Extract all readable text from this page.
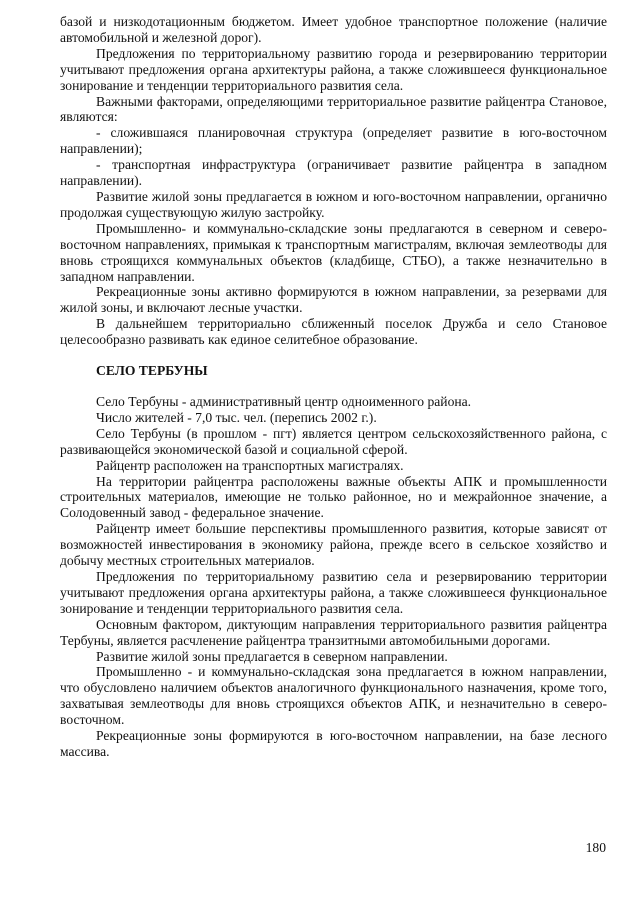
базой и низкодотационным бюджетом. Имеет удобное транспортное положение (наличие автомобильной и железной дорог).

Предложения по территориальному развитию города и резервированию территории учитывают предложения органа архитектуры района, а также сложившееся функциональное зонирование и тенденции территориального развития села.

Важными факторами, определяющими территориальное развитие райцентра Становое, являются:

- сложившаяся планировочная структура (определяет развитие в юго-восточном направлении);

- транспортная инфраструктура (ограничивает развитие райцентра в западном направлении).

Развитие жилой зоны предлагается в южном и юго-восточном направлении, органично продолжая существующую жилую застройку.

Промышленно- и коммунально-складские зоны предлагаются в северном и северо-восточном направлениях, примыкая к транспортным магистралям, включая землеотводы для вновь строящихся коммунальных объектов (кладбище, СТБО), а также незначительно в западном направлении.

Рекреационные зоны активно формируются в южном направлении, за резервами для жилой зоны, и включают лесные участки.

В дальнейшем территориально сближенный поселок Дружба и село Становое целесообразно развивать как единое селитебное образование.

СЕЛО ТЕРБУНЫ

Село Тербуны - административный центр одноименного района.

Число жителей - 7,0 тыс. чел. (перепись 2002 г.).

Село Тербуны (в прошлом - пгт) является центром сельскохозяйственного района, с развивающейся экономической базой и социальной сферой.

Райцентр расположен на транспортных магистралях.

На территории райцентра расположены важные объекты АПК и промышленности строительных материалов, имеющие не только районное, но и межрайонное значение, а Солодовенный завод - федеральное значение.

Райцентр имеет большие перспективы промышленного развития, которые зависят от возможностей инвестирования в экономику района, прежде всего в сельское хозяйство и добычу местных строительных материалов.

Предложения по территориальному развитию села и резервированию территории учитывают предложения органа архитектуры района, а также сложившееся функциональное зонирование и тенденции территориального развития села.

Основным фактором, диктующим направления территориального развития райцентра Тербуны, является расчленение райцентра транзитными автомобильными дорогами.

Развитие жилой зоны предлагается в северном направлении.

Промышленно - и коммунально-складская зона предлагается в южном направлении, что обусловлено наличием объектов аналогичного функционального назначения, кроме того, захватывая землеотводы для вновь строящихся объектов АПК, и незначительно в северо-восточном.

Рекреационные зоны формируются в юго-восточном направлении, на базе лесного массива.

180
